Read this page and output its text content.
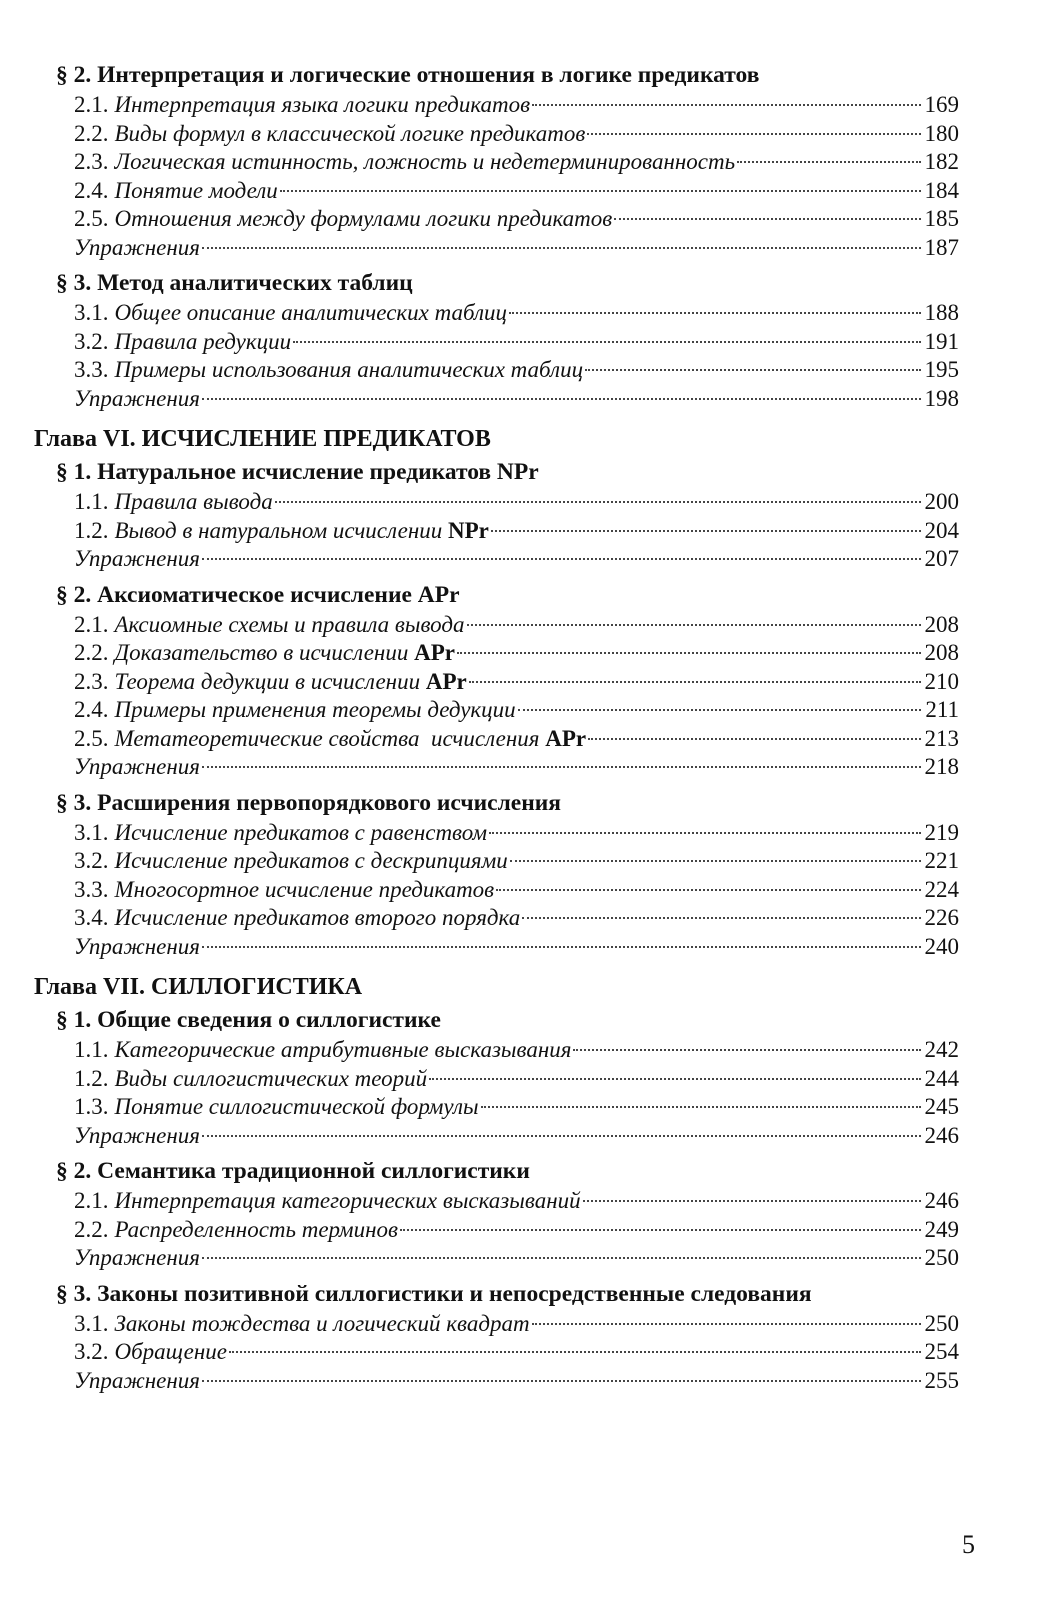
§ 2. Интерпретация и логические отношения в логике предикатов
2.1. Интерпретация языка логики предикатов	169
2.2. Виды формул в классической логике предикатов	180
2.3. Логическая истинность, ложность и недетерминированность	182
2.4. Понятие модели	184
2.5. Отношения между формулами логики предикатов	185
Упражнения	187
§ 3. Метод аналитических таблиц
3.1. Общее описание аналитических таблиц	188
3.2. Правила редукции	191
3.3. Примеры использования аналитических таблиц	195
Упражнения	198
Глава VI. ИСЧИСЛЕНИЕ ПРЕДИКАТОВ
§ 1. Натуральное исчисление предикатов NPr
1.1. Правила вывода	200
1.2. Вывод в натуральном исчислении NPr	204
Упражнения	207
§ 2. Аксиоматическое исчисление APr
2.1. Аксиомные схемы и правила вывода	208
2.2. Доказательство в исчислении APr	208
2.3. Теорема дедукции в исчислении APr	210
2.4. Примеры применения теоремы дедукции	211
2.5. Метатеоретические свойства  исчисления APr	213
Упражнения	218
§ 3. Расширения первопорядкового исчисления
3.1. Исчисление предикатов с равенством	219
3.2. Исчисление предикатов с дескрипциями	221
3.3. Многосортное исчисление предикатов	224
3.4. Исчисление предикатов второго порядка	226
Упражнения	240
Глава VII. СИЛЛОГИСТИКА
§ 1. Общие сведения о силлогистике
1.1. Категорические атрибутивные высказывания	242
1.2. Виды силлогистических теорий	244
1.3. Понятие силлогистической формулы	245
Упражнения	246
§ 2. Семантика традиционной силлогистики
2.1. Интерпретация категорических высказываний	246
2.2. Распределенность терминов	249
Упражнения	250
§ 3. Законы позитивной силлогистики и непосредственные следования
3.1. Законы тождества и логический квадрат	250
3.2. Обращение	254
Упражнения	255
5
